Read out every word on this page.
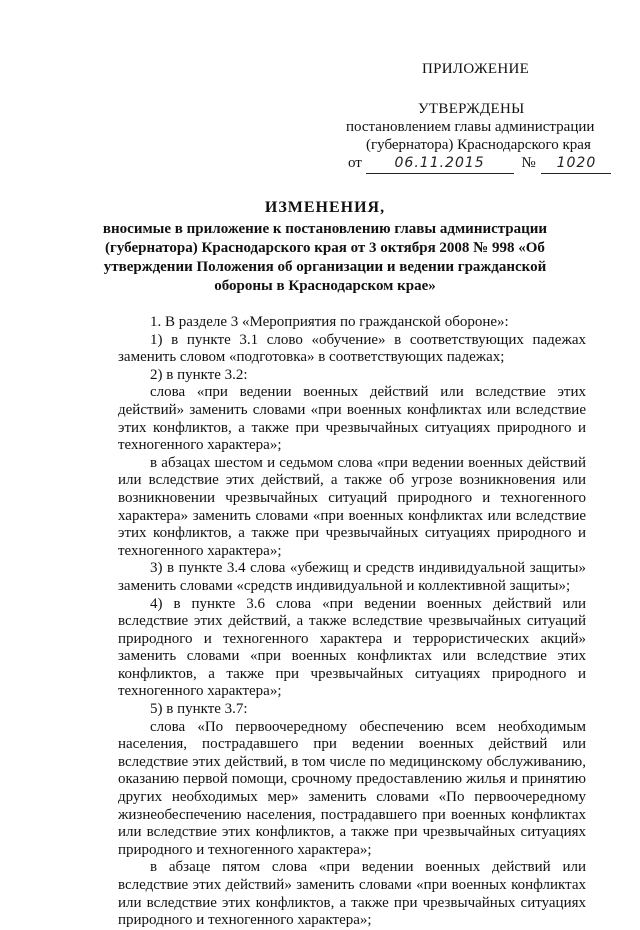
ПРИЛОЖЕНИЕ
УТВЕРЖДЕНЫ
постановлением главы администрации
(губернатора) Краснодарского края
от 06.11.2015 № 1020
ИЗМЕНЕНИЯ,
вносимые в приложение к постановлению главы администрации (губернатора) Краснодарского края от 3 октября 2008 № 998 «Об утверждении Положения об организации и ведении гражданской обороны в Краснодарском крае»

1. В разделе 3 «Мероприятия по гражданской обороне»:

1) в пункте 3.1 слово «обучение» в соответствующих падежах заменить словом «подготовка» в соответствующих падежах;

2) в пункте 3.2:

слова «при ведении военных действий или вследствие этих действий» заменить словами «при военных конфликтах или вследствие этих конфликтов, а также при чрезвычайных ситуациях природного и техногенного характера»;

в абзацах шестом и седьмом слова «при ведении военных действий или вследствие этих действий, а также об угрозе возникновения или возникновении чрезвычайных ситуаций природного и техногенного характера» заменить словами «при военных конфликтах или вследствие этих конфликтов, а также при чрезвычайных ситуациях природного и техногенного характера»;

3) в пункте 3.4 слова «убежищ и средств индивидуальной защиты» заменить словами «средств индивидуальной и коллективной защиты»;

4) в пункте 3.6 слова «при ведении военных действий или вследствие этих действий, а также вследствие чрезвычайных ситуаций природного и техногенного характера и террористических акций» заменить словами «при военных конфликтах или вследствие этих конфликтов, а также при чрезвычайных ситуациях природного и техногенного характера»;

5) в пункте 3.7:

слова «По первоочередному обеспечению всем необходимым населения, пострадавшего при ведении военных действий или вследствие этих действий, в том числе по медицинскому обслуживанию, оказанию первой помощи, срочному предоставлению жилья и принятию других необходимых мер» заменить словами «По первоочередному жизнеобеспечению населения, пострадавшего при военных конфликтах или вследствие этих конфликтов, а также при чрезвычайных ситуациях природного и техногенного характера»;

в абзаце пятом слова «при ведении военных действий или вследствие этих действий» заменить словами «при военных конфликтах или вследствие этих конфликтов, а также при чрезвычайных ситуациях природного и техногенного характера»;
